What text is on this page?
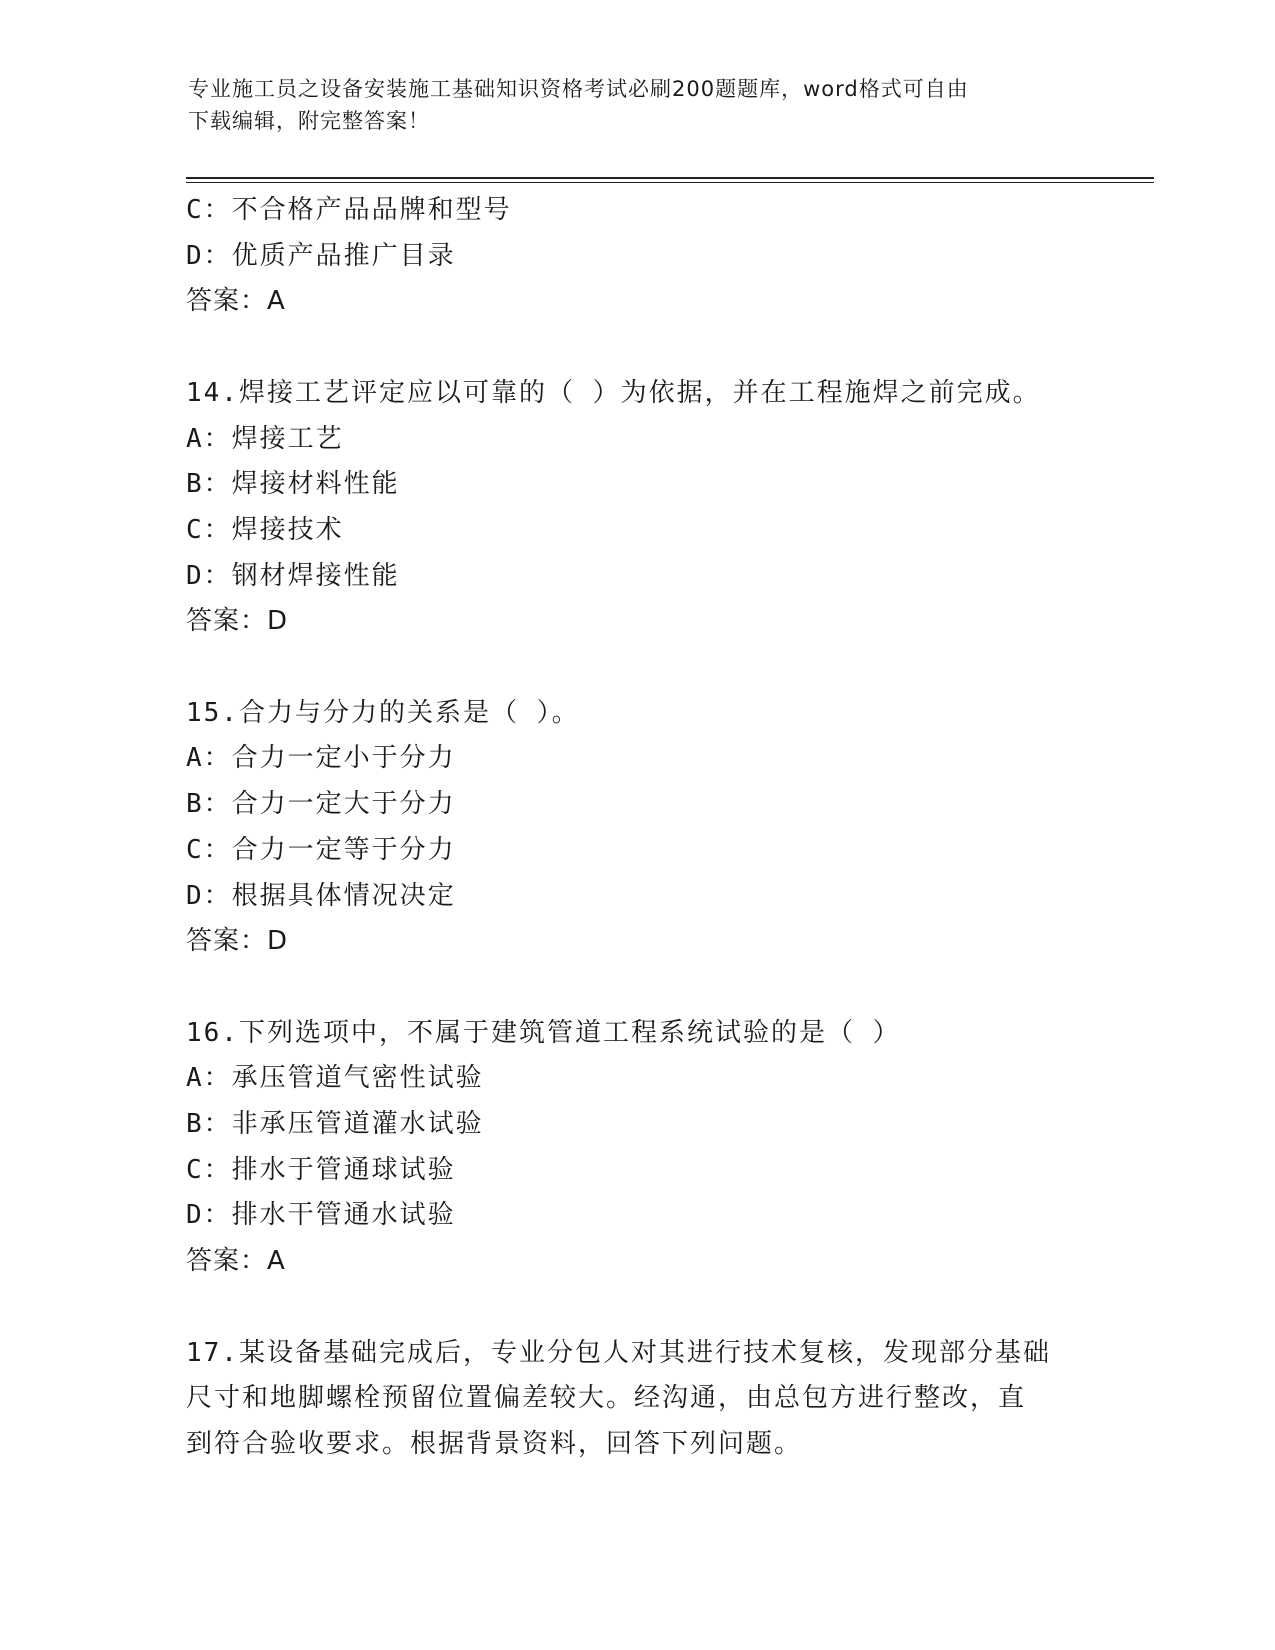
专业施工员之设备安装施工基础知识资格考试必刷200题题库，word格式可自由
下载编辑，附完整答案！
C：不合格产品品牌和型号
D：优质产品推广目录
答案：A
14.焊接工艺评定应以可靠的（ ）为依据，并在工程施焊之前完成。
A：焊接工艺
B：焊接材料性能
C：焊接技术
D：钢材焊接性能
答案：D
15.合力与分力的关系是（ ）。
A：合力一定小于分力
B：合力一定大于分力
C：合力一定等于分力
D：根据具体情况决定
答案：D
16.下列选项中，不属于建筑管道工程系统试验的是（ ）
A：承压管道气密性试验
B：非承压管道灌水试验
C：排水于管通球试验
D：排水干管通水试验
答案：A
17.某设备基础完成后，专业分包人对其进行技术复核，发现部分基础
尺寸和地脚螺栓预留位置偏差较大。经沟通，由总包方进行整改，直
到符合验收要求。根据背景资料，回答下列问题。
